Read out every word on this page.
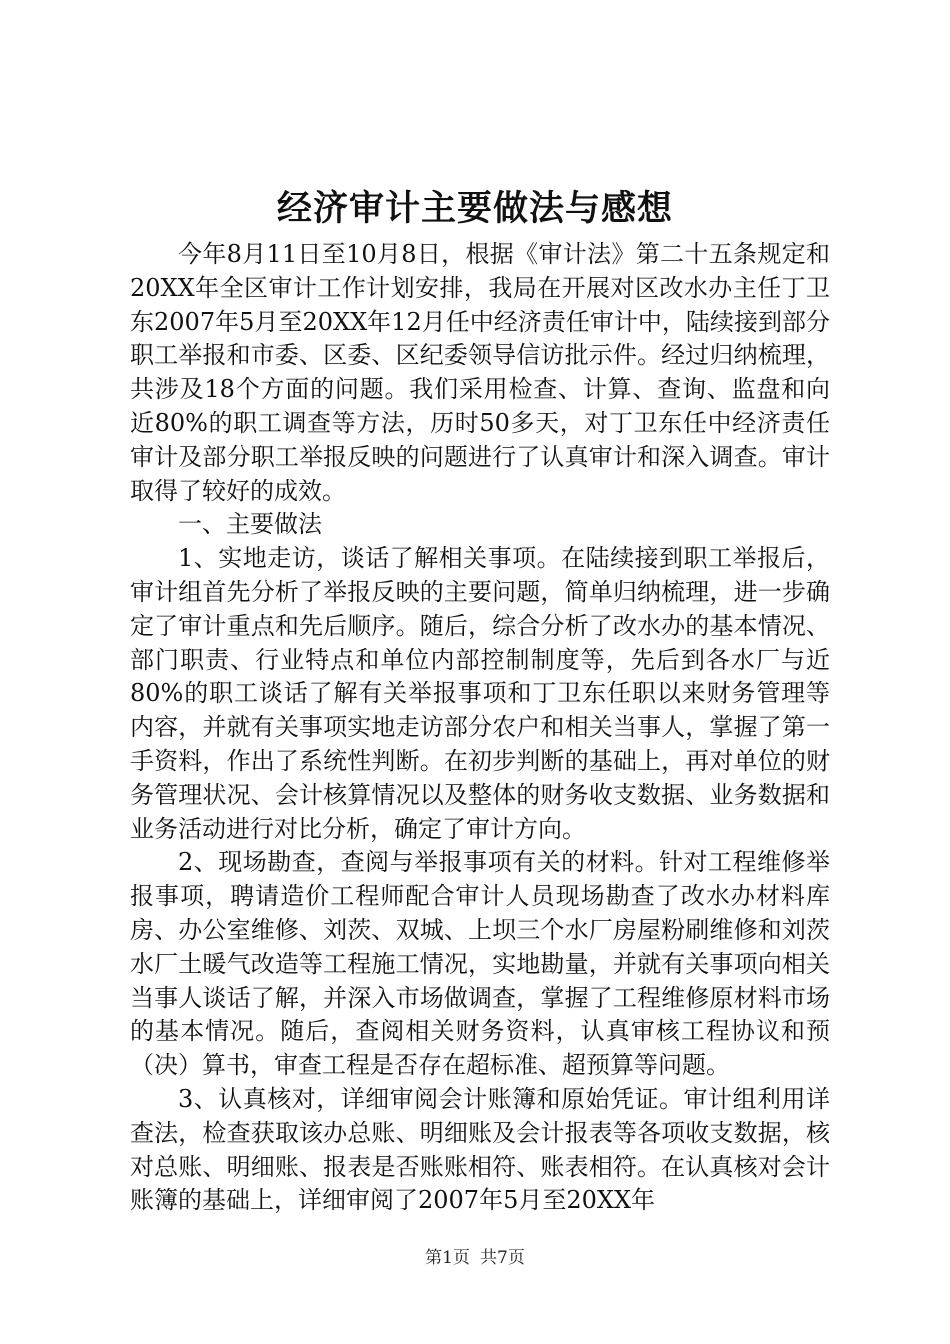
经济审计主要做法与感想

今年8月11日至10月8日，根据《审计法》第二十五条规定和20XX年全区审计工作计划安排，我局在开展对区改水办主任丁卫东2007年5月至20XX年12月任中经济责任审计中，陆续接到部分职工举报和市委、区委、区纪委领导信访批示件。经过归纳梳理，共涉及18个方面的问题。我们采用检查、计算、查询、监盘和向近80%的职工调查等方法，历时50多天，对丁卫东任中经济责任审计及部分职工举报反映的问题进行了认真审计和深入调查。审计取得了较好的成效。

一、主要做法

1、实地走访，谈话了解相关事项。在陆续接到职工举报后，审计组首先分析了举报反映的主要问题，简单归纳梳理，进一步确定了审计重点和先后顺序。随后，综合分析了改水办的基本情况、部门职责、行业特点和单位内部控制制度等，先后到各水厂与近80%的职工谈话了解有关举报事项和丁卫东任职以来财务管理等内容，并就有关事项实地走访部分农户和相关当事人，掌握了第一手资料，作出了系统性判断。在初步判断的基础上，再对单位的财务管理状况、会计核算情况以及整体的财务收支数据、业务数据和业务活动进行对比分析，确定了审计方向。

2、现场勘查，查阅与举报事项有关的材料。针对工程维修举报事项，聘请造价工程师配合审计人员现场勘查了改水办材料库房、办公室维修、刘茨、双城、上坝三个水厂房屋粉刷维修和刘茨水厂土暖气改造等工程施工情况，实地勘量，并就有关事项向相关当事人谈话了解，并深入市场做调查，掌握了工程维修原材料市场的基本情况。随后，查阅相关财务资料，认真审核工程协议和预（决）算书，审查工程是否存在超标准、超预算等问题。

3、认真核对，详细审阅会计账簿和原始凭证。审计组利用详查法，检查获取该办总账、明细账及会计报表等各项收支数据，核对总账、明细账、报表是否账账相符、账表相符。在认真核对会计账簿的基础上，详细审阅了2007年5月至20XX年

第1页 共7页
